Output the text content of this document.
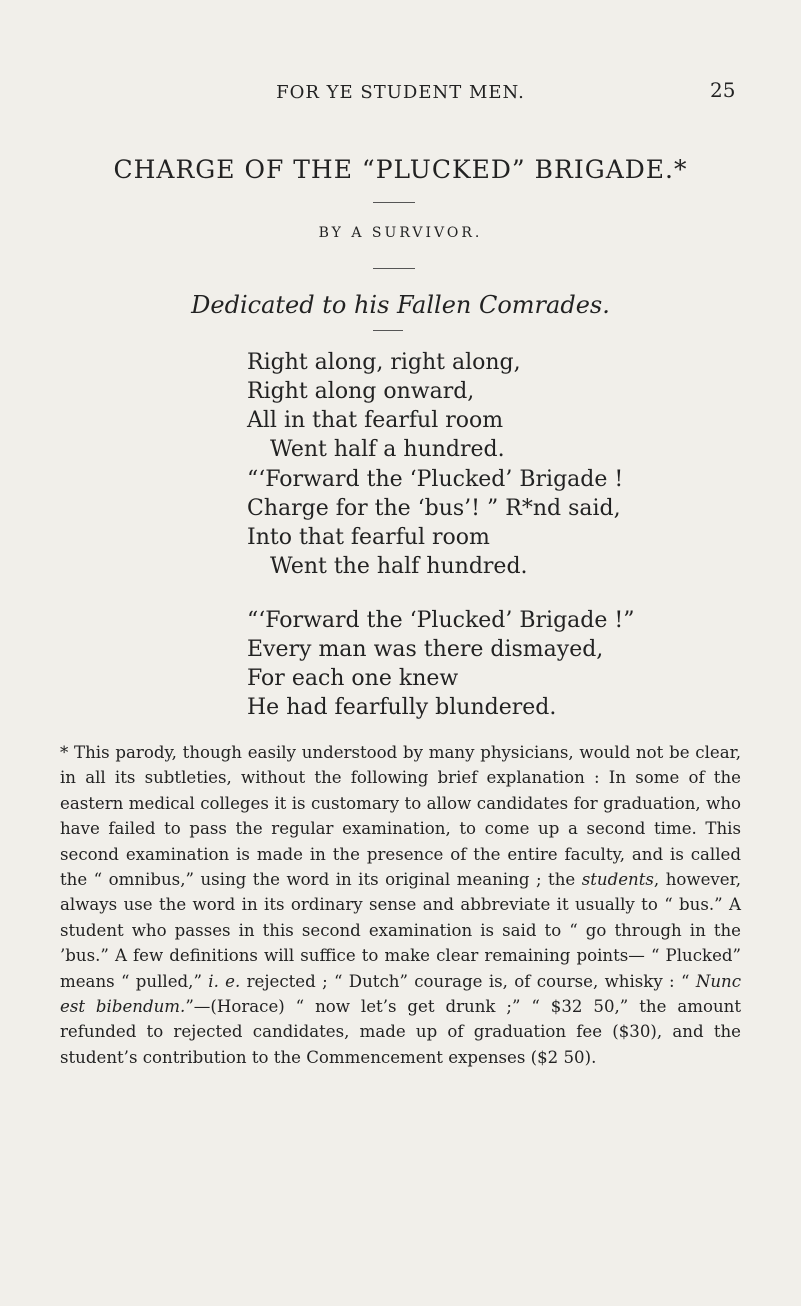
FOR YE STUDENT MEN.	25
CHARGE OF THE “PLUCKED” BRIGADE.*
BY A SURVIVOR.
Dedicated to his Fallen Comrades.
Right along, right along,
Right along onward,
All in that fearful room
Went half a hundred.
“‘Forward the ‘Plucked’ Brigade !
Charge for the ‘bus’! ” R*nd said,
Into that fearful room
Went the half hundred.
“‘Forward the ‘Plucked’ Brigade !”
Every man was there dismayed,
For each one knew
He had fearfully blundered.

* This parody, though easily understood by many physicians, would not be clear, in all its subtleties, without the following brief explanation : In some of the eastern medical colleges it is customary to allow candidates for graduation, who have failed to pass the regular examination, to come up a second time. This second examination is made in the presence of the entire faculty, and is called the “ omnibus,” using the word in its original meaning ; the students, however, always use the word in its ordinary sense and abbreviate it usually to “ bus.” A student who passes in this second examination is said to “ go through in the ’bus.” A few definitions will suffice to make clear remaining points— “ Plucked” means “ pulled,” i. e. rejected ; “ Dutch” courage is, of course, whisky : “ Nunc est bibendum.”—(Horace) “ now let’s get drunk ;” “ $32 50,” the amount refunded to rejected candidates, made up of graduation fee ($30), and the student’s contribution to the Commencement expenses ($2 50).
